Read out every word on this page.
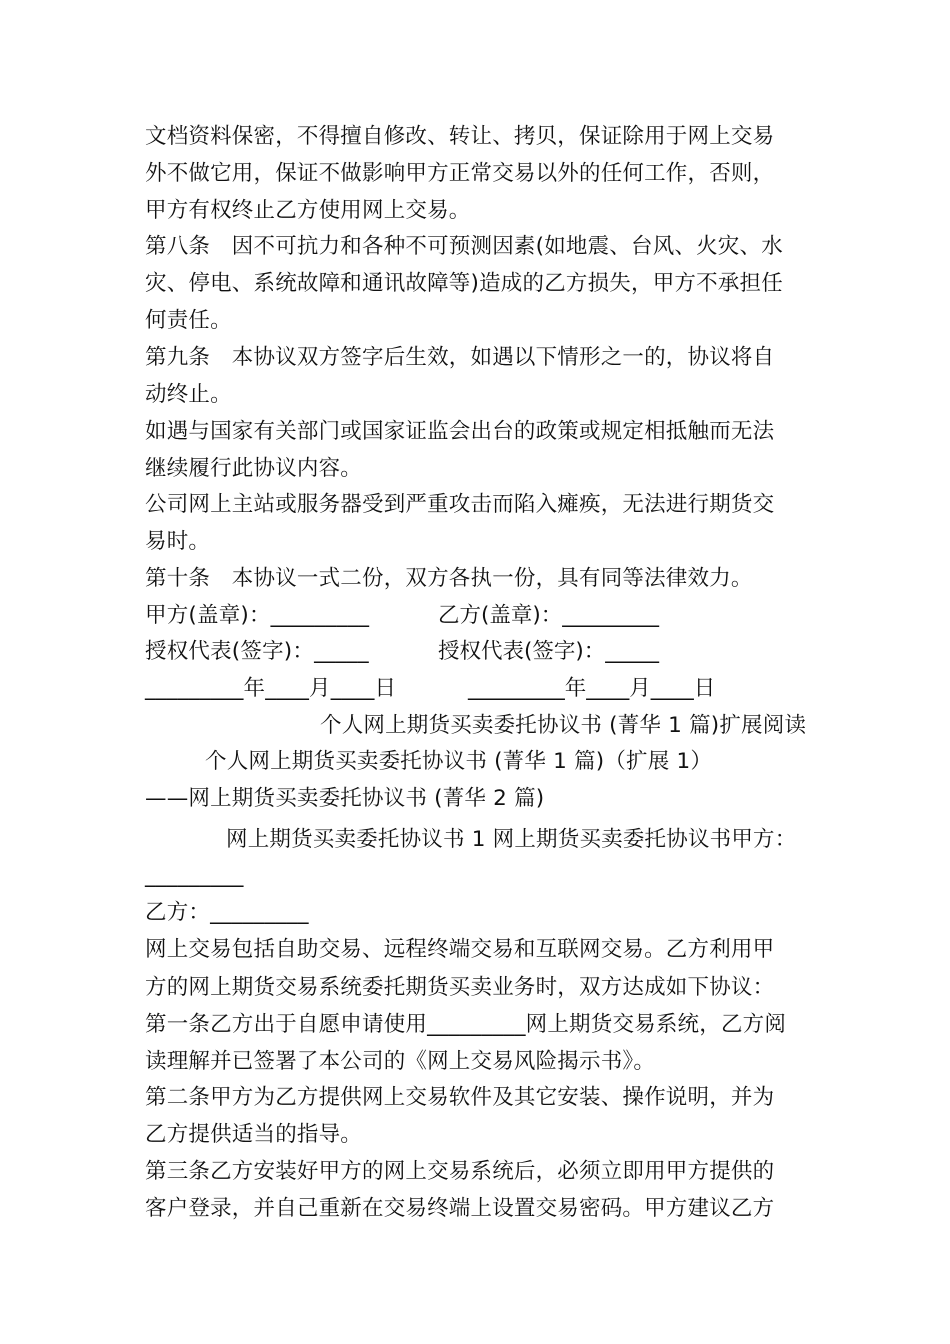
文档资料保密，不得擅自修改、转让、拷贝，保证除用于网上交易
外不做它用，保证不做影响甲方正常交易以外的任何工作，否则，
甲方有权终止乙方使用网上交易。
第八条　因不可抗力和各种不可预测因素(如地震、台风、火灾、水
灾、停电、系统故障和通讯故障等)造成的乙方损失，甲方不承担任
何责任。
第九条　本协议双方签字后生效，如遇以下情形之一的，协议将自
动终止。
如遇与国家有关部门或国家证监会出台的政策或规定相抵触而无法
继续履行此协议内容。
公司网上主站或服务器受到严重攻击而陷入瘫痪，无法进行期货交
易时。
第十条　本协议一式二份，双方各执一份，具有同等法律效力。
甲方(盖章)：_________	乙方(盖章)：_________
授权代表(签字)：_____	授权代表(签字)：_____
_________年____月____日	_________年____月____日
个人网上期货买卖委托协议书 (菁华 1 篇)扩展阅读
个人网上期货买卖委托协议书 (菁华 1 篇)（扩展 1）
——网上期货买卖委托协议书 (菁华 2 篇)
网上期货买卖委托协议书 1 网上期货买卖委托协议书甲方：
_________
乙方：_________
网上交易包括自助交易、远程终端交易和互联网交易。乙方利用甲
方的网上期货交易系统委托期货买卖业务时，双方达成如下协议：
第一条乙方出于自愿申请使用_________网上期货交易系统，乙方阅
读理解并已签署了本公司的《网上交易风险揭示书》。
第二条甲方为乙方提供网上交易软件及其它安装、操作说明，并为
乙方提供适当的指导。
第三条乙方安装好甲方的网上交易系统后，必须立即用甲方提供的
客户登录，并自己重新在交易终端上设置交易密码。甲方建议乙方
